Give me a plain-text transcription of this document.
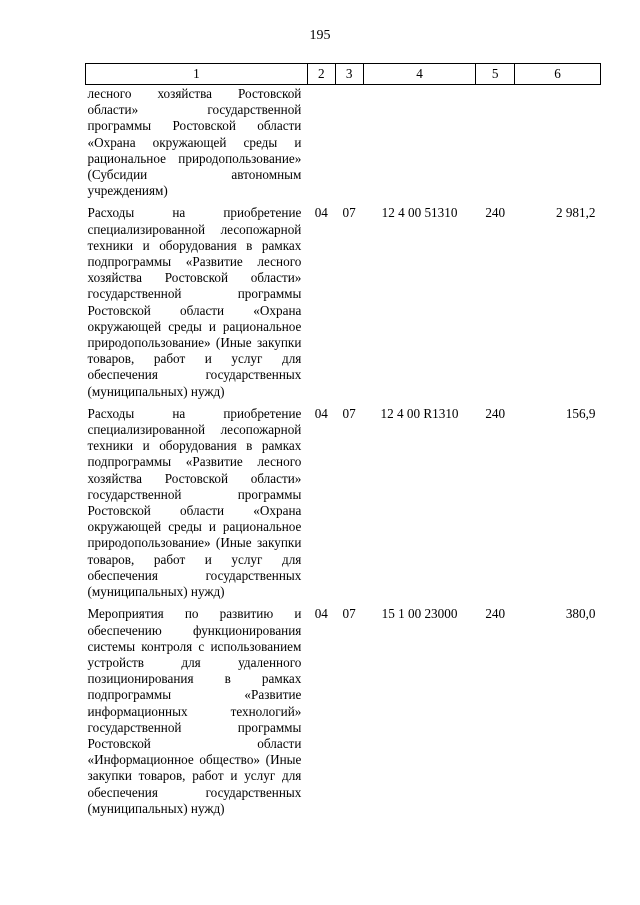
195
1	2	3	4	5	6
лесного хозяйства Ростовской области» государственной программы Ростовской области «Охрана окружающей среды и рациональное природопользование» (Субсидии автономным учреждениям)					
Расходы на приобретение специализированной лесопожарной техники и оборудования в рамках подпрограммы «Развитие лесного хозяйства Ростовской области» государственной программы Ростовской области «Охрана окружающей среды и рациональное природопользование» (Иные закупки товаров, работ и услуг для обеспечения государственных (муниципальных) нужд)	04	07	12 4 00 51310	240	2 981,2
Расходы на приобретение специализированной лесопожарной техники и оборудования в рамках подпрограммы «Развитие лесного хозяйства Ростовской области» государственной программы Ростовской области «Охрана окружающей среды и рациональное природопользование» (Иные закупки товаров, работ и услуг для обеспечения государственных (муниципальных) нужд)	04	07	12 4 00 R1310	240	156,9
Мероприятия по развитию и обеспечению функционирования системы контроля с использованием устройств для удаленного позиционирования в рамках подпрограммы «Развитие информационных технологий» государственной программы Ростовской области «Информационное общество» (Иные закупки товаров, работ и услуг для обеспечения государственных (муниципальных) нужд)	04	07	15 1 00 23000	240	380,0
